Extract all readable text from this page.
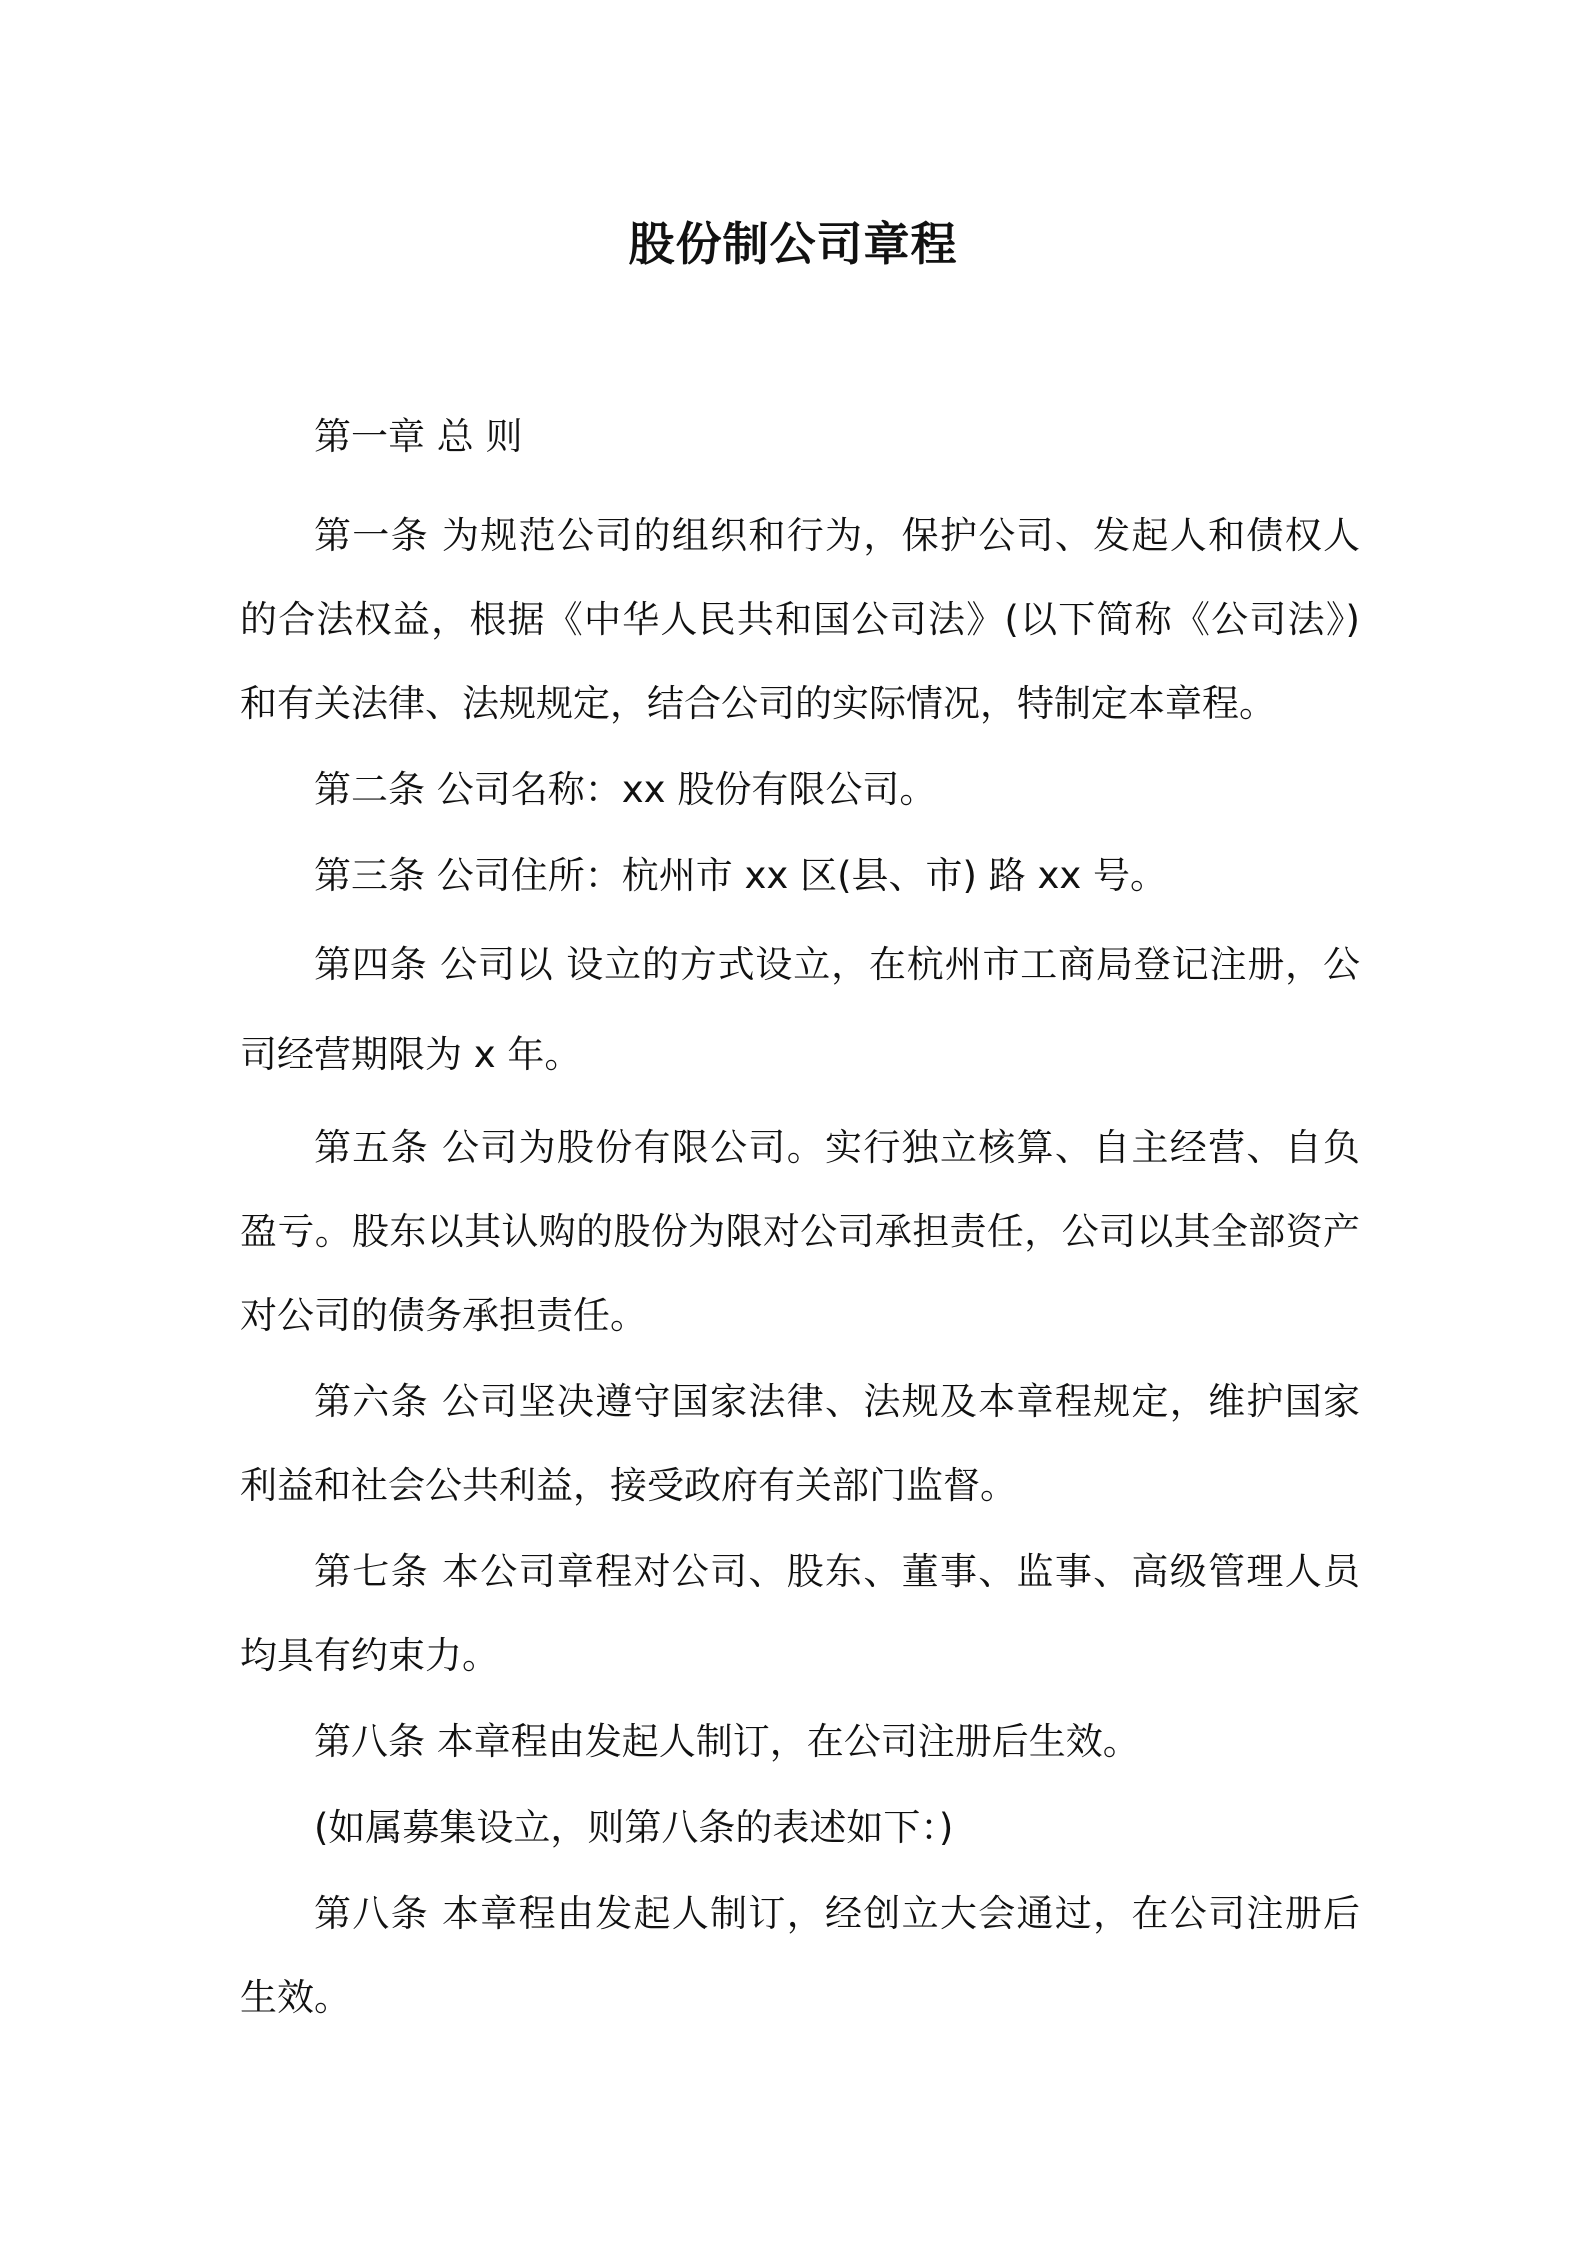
股份制公司章程

第一章 总 则

第一条 为规范公司的组织和行为，保护公司、发起人和债权人的合法权益，根据《中华人民共和国公司法》(以下简称《公司法》)和有关法律、法规规定，结合公司的实际情况，特制定本章程。

第二条 公司名称：xx 股份有限公司。

第三条 公司住所：杭州市 xx 区(县、市) 路 xx 号。

第四条 公司以 设立的方式设立，在杭州市工商局登记注册，公司经营期限为 x 年。

第五条 公司为股份有限公司。实行独立核算、自主经营、自负盈亏。股东以其认购的股份为限对公司承担责任，公司以其全部资产对公司的债务承担责任。

第六条 公司坚决遵守国家法律、法规及本章程规定，维护国家利益和社会公共利益，接受政府有关部门监督。

第七条 本公司章程对公司、股东、董事、监事、高级管理人员均具有约束力。

第八条 本章程由发起人制订，在公司注册后生效。

(如属募集设立，则第八条的表述如下：)

第八条 本章程由发起人制订，经创立大会通过，在公司注册后生效。
